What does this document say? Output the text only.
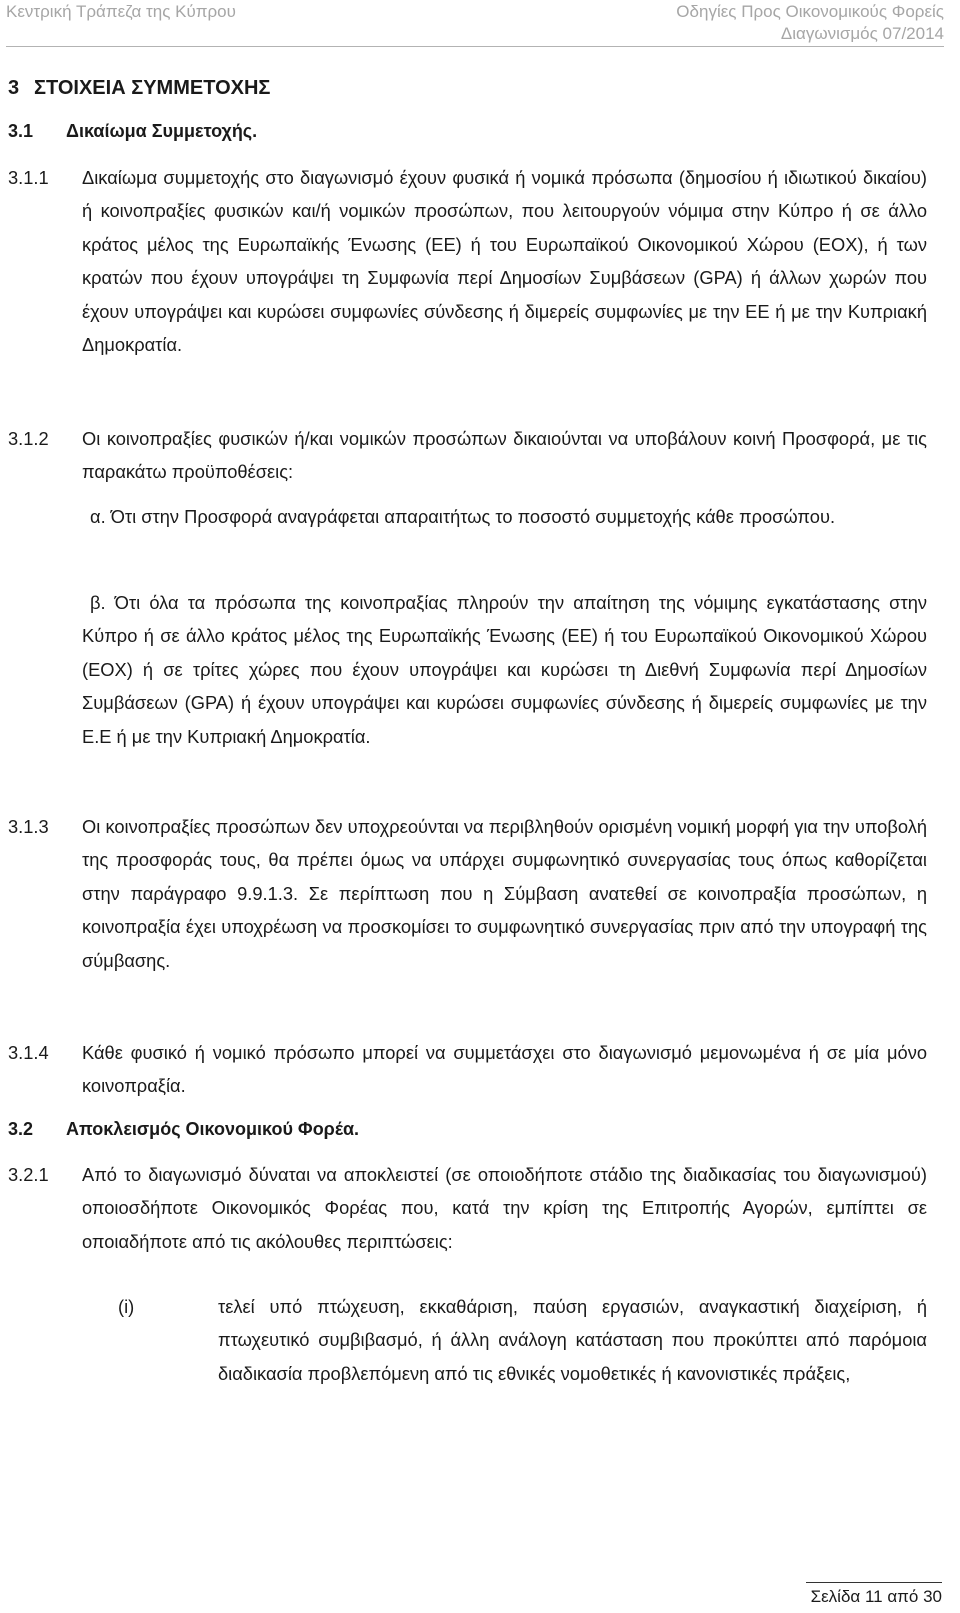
Κεντρική Τράπεζα της Κύπρου	Οδηγίες Προς Οικονομικούς Φορείς
Διαγωνισμός 07/2014
3 ΣΤΟΙΧΕΙΑ ΣΥΜΜΕΤΟΧΗΣ
3.1 Δικαίωμα Συμμετοχής.
3.1.1 Δικαίωμα συμμετοχής στο διαγωνισμό έχουν φυσικά ή νομικά πρόσωπα (δημοσίου ή ιδιωτικού δικαίου) ή κοινοπραξίες φυσικών και/ή νομικών προσώπων, που λειτουργούν νόμιμα στην Κύπρο ή σε άλλο κράτος μέλος της Ευρωπαϊκής Ένωσης (ΕΕ) ή του Ευρωπαϊκού Οικονομικού Χώρου (ΕΟΧ), ή των κρατών που έχουν υπογράψει τη Συμφωνία περί Δημοσίων Συμβάσεων (GPA) ή άλλων χωρών που έχουν υπογράψει και κυρώσει συμφωνίες σύνδεσης ή διμερείς συμφωνίες με την ΕΕ ή με την Κυπριακή Δημοκρατία.
3.1.2 Οι κοινοπραξίες φυσικών ή/και νομικών προσώπων δικαιούνται να υποβάλουν κοινή Προσφορά, με τις παρακάτω προϋποθέσεις:
α. Ότι στην Προσφορά αναγράφεται απαραιτήτως το ποσοστό συμμετοχής κάθε προσώπου.
β. Ότι όλα τα πρόσωπα της κοινοπραξίας πληρούν την απαίτηση της νόμιμης εγκατάστασης στην Κύπρο ή σε άλλο κράτος μέλος της Ευρωπαϊκής Ένωσης (ΕΕ) ή του Ευρωπαϊκού Οικονομικού Χώρου (ΕΟΧ) ή σε τρίτες χώρες που έχουν υπογράψει και κυρώσει τη Διεθνή Συμφωνία περί Δημοσίων Συμβάσεων (GPA) ή έχουν υπογράψει και κυρώσει συμφωνίες σύνδεσης ή διμερείς συμφωνίες με την Ε.Ε ή με την Κυπριακή Δημοκρατία.
3.1.3 Οι κοινοπραξίες προσώπων δεν υποχρεούνται να περιβληθούν ορισμένη νομική μορφή για την υποβολή της προσφοράς τους, θα πρέπει όμως να υπάρχει συμφωνητικό συνεργασίας τους όπως καθορίζεται στην παράγραφο 9.9.1.3. Σε περίπτωση που η Σύμβαση ανατεθεί σε κοινοπραξία προσώπων, η κοινοπραξία έχει υποχρέωση να προσκομίσει το συμφωνητικό συνεργασίας πριν από την υπογραφή της σύμβασης.
3.1.4 Κάθε φυσικό ή νομικό πρόσωπο μπορεί να συμμετάσχει στο διαγωνισμό μεμονωμένα ή σε μία μόνο κοινοπραξία.
3.2 Αποκλεισμός Οικονομικού Φορέα.
3.2.1 Από το διαγωνισμό δύναται να αποκλειστεί (σε οποιοδήποτε στάδιο της διαδικασίας του διαγωνισμού) οποιοσδήποτε Οικονομικός Φορέας που, κατά την κρίση της Επιτροπής Αγορών, εμπίπτει σε οποιαδήποτε από τις ακόλουθες περιπτώσεις:
(i)	τελεί υπό πτώχευση, εκκαθάριση, παύση εργασιών, αναγκαστική διαχείριση, ή πτωχευτικό συμβιβασμό, ή άλλη ανάλογη κατάσταση που προκύπτει από παρόμοια διαδικασία προβλεπόμενη από τις εθνικές νομοθετικές ή κανονιστικές πράξεις,
Σελίδα 11 από 30
